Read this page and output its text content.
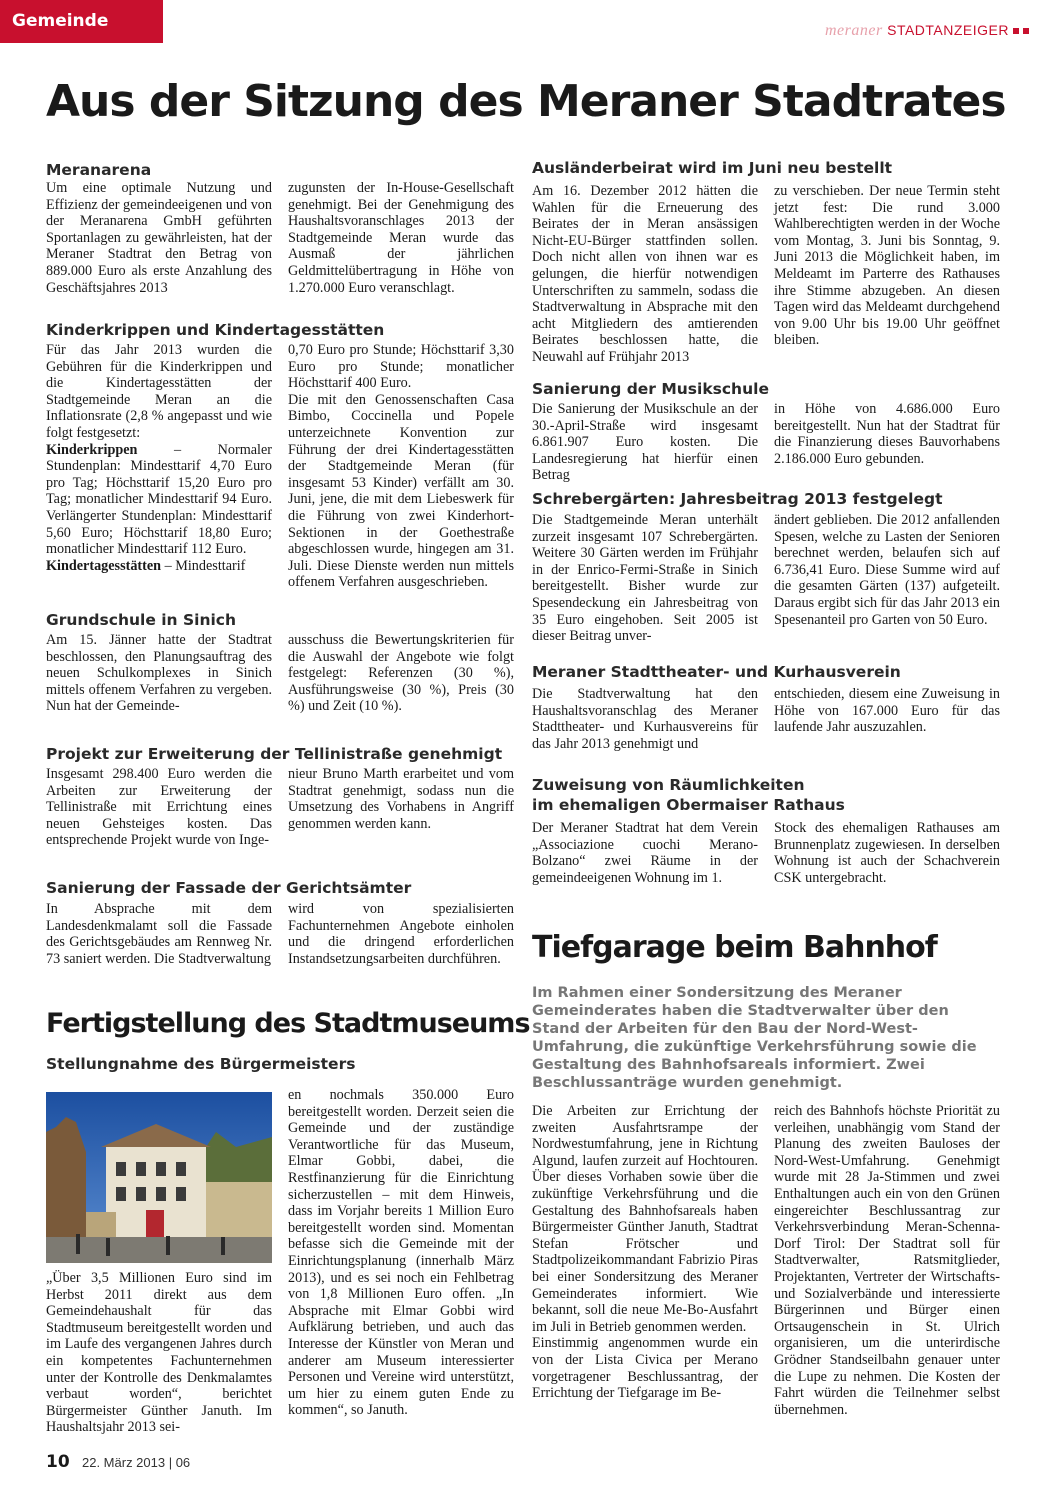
Gemeinde	meraner STADTANZEIGER
Aus der Sitzung des Meraner Stadtrates
Meranarena

Um eine optimale Nutzung und Effizienz der gemeindeeigenen und von der Meranarena GmbH geführten Sportanlagen zu gewährleisten, hat der Meraner Stadtrat den Betrag von 889.000 Euro als erste Anzahlung des Geschäftsjahres 2013

zugunsten der In-House-Gesellschaft genehmigt. Bei der Genehmigung des Haushaltsvoranschlages 2013 der Stadtgemeinde Meran wurde das Ausmaß der jährlichen Geldmittelübertragung in Höhe von 1.270.000 Euro veranschlagt.

Kinderkrippen und Kindertagesstätten

Für das Jahr 2013 wurden die Gebühren für die Kinderkrippen und die Kindertagesstätten der Stadtgemeinde Meran an die Inflationsrate (2,8 % angepasst und wie folgt festgesetzt:
Kinderkrippen – Normaler Stundenplan: Mindesttarif 4,70 Euro pro Tag; Höchsttarif 15,20 Euro pro Tag; monatlicher Mindesttarif 94 Euro. Verlängerter Stundenplan: Mindesttarif 5,60 Euro; Höchsttarif 18,80 Euro; monatlicher Mindesttarif 112 Euro.
Kindertagesstätten – Mindesttarif

0,70 Euro pro Stunde; Höchsttarif 3,30 Euro pro Stunde; monatlicher Höchsttarif 400 Euro.
Die mit den Genossenschaften Casa Bimbo, Coccinella und Popele unterzeichnete Konvention zur Führung der drei Kindertagesstätten der Stadtgemeinde Meran (für insgesamt 53 Kinder) verfällt am 30. Juni, jene, die mit dem Liebeswerk für die Führung von zwei Kinderhort-Sektionen in der Goethestraße abgeschlossen wurde, hingegen am 31. Juli. Diese Dienste werden nun mittels offenem Verfahren ausgeschrieben.

Grundschule in Sinich

Am 15. Jänner hatte der Stadtrat beschlossen, den Planungsauftrag des neuen Schulkomplexes in Sinich mittels offenem Verfahren zu vergeben. Nun hat der Gemeinde-

ausschuss die Bewertungskriterien für die Auswahl der Angebote wie folgt festgelegt: Referenzen (30 %), Ausführungsweise (30 %), Preis (30 %) und Zeit (10 %).

Projekt zur Erweiterung der Tellinistraße genehmigt

Insgesamt 298.400 Euro werden die Arbeiten zur Erweiterung der Tellinistraße mit Errichtung eines neuen Gehsteiges kosten. Das entsprechende Projekt wurde von Inge-

nieur Bruno Marth erarbeitet und vom Stadtrat genehmigt, sodass nun die Umsetzung des Vorhabens in Angriff genommen werden kann.

Sanierung der Fassade der Gerichtsämter

In Absprache mit dem Landesdenkmalamt soll die Fassade des Gerichtsgebäudes am Rennweg Nr. 73 saniert werden. Die Stadtverwaltung

wird von spezialisierten Fachunternehmen Angebote einholen und die dringend erforderlichen Instandsetzungsarbeiten durchführen.

Fertigstellung des Stadtmuseums
Stellungnahme des Bürgermeisters

„Über 3,5 Millionen Euro sind im Herbst 2011 direkt aus dem Gemeindehaushalt für das Stadtmuseum bereitgestellt worden und im Laufe des vergangenen Jahres durch ein kompetentes Fachunternehmen unter der Kontrolle des Denkmalamtes verbaut worden“, berichtet Bürgermeister Günther Januth. Im Haushaltsjahr 2013 sei-

en nochmals 350.000 Euro bereitgestellt worden. Derzeit seien die Gemeinde und der zuständige Verantwortliche für das Museum, Elmar Gobbi, dabei, die Restfinanzierung für die Einrichtung sicherzustellen – mit dem Hinweis, dass im Vorjahr bereits 1 Million Euro bereitgestellt worden sind. Momentan befasse sich die Gemeinde mit der Einrichtungsplanung (innerhalb März 2013), und es sei noch ein Fehlbetrag von 1,8 Millionen Euro offen. „In Absprache mit Elmar Gobbi wird Aufklärung betrieben, und auch das Interesse der Künstler von Meran und anderer am Museum interessierter Personen und Vereine wird unterstützt, um hier zu einem guten Ende zu kommen“, so Januth.

Ausländerbeirat wird im Juni neu bestellt

Am 16. Dezember 2012 hätten die Wahlen für die Erneuerung des Beirates der in Meran ansässigen Nicht-EU-Bürger stattfinden sollen. Doch nicht allen von ihnen war es gelungen, die hierfür notwendigen Unterschriften zu sammeln, sodass die Stadtverwaltung in Absprache mit den acht Mitgliedern des amtierenden Beirates beschlossen hatte, die Neuwahl auf Frühjahr 2013

zu verschieben. Der neue Termin steht jetzt fest: Die rund 3.000 Wahlberechtigten werden in der Woche vom Montag, 3. Juni bis Sonntag, 9. Juni 2013 die Möglichkeit haben, im Meldeamt im Parterre des Rathauses ihre Stimme abzugeben. An diesen Tagen wird das Meldeamt durchgehend von 9.00 Uhr bis 19.00 Uhr geöffnet bleiben.

Sanierung der Musikschule

Die Sanierung der Musikschule an der 30.-April-Straße wird insgesamt 6.861.907 Euro kosten. Die Landesregierung hat hierfür einen Betrag

in Höhe von 4.686.000 Euro bereitgestellt. Nun hat der Stadtrat für die Finanzierung dieses Bauvorhabens 2.186.000 Euro gebunden.

Schrebergärten: Jahresbeitrag 2013 festgelegt

Die Stadtgemeinde Meran unterhält zurzeit insgesamt 107 Schrebergärten. Weitere 30 Gärten werden im Frühjahr in der Enrico-Fermi-Straße in Sinich bereitgestellt. Bisher wurde zur Spesendeckung ein Jahresbeitrag von 35 Euro eingehoben. Seit 2005 ist dieser Beitrag unver-

ändert geblieben. Die 2012 anfallenden Spesen, welche zu Lasten der Senioren berechnet werden, belaufen sich auf 6.736,41 Euro. Diese Summe wird auf die gesamten Gärten (137) aufgeteilt. Daraus ergibt sich für das Jahr 2013 ein Spesenanteil pro Garten von 50 Euro.

Meraner Stadttheater- und Kurhausverein

Die Stadtverwaltung hat den Haushaltsvoranschlag des Meraner Stadttheater- und Kurhausvereins für das Jahr 2013 genehmigt und

entschieden, diesem eine Zuweisung in Höhe von 167.000 Euro für das laufende Jahr auszuzahlen.

Zuweisung von Räumlichkeiten
im ehemaligen Obermaiser Rathaus

Der Meraner Stadtrat hat dem Verein „Associazione cuochi Merano-Bolzano“ zwei Räume in der gemeindeeigenen Wohnung im 1.

Stock des ehemaligen Rathauses am Brunnenplatz zugewiesen. In derselben Wohnung ist auch der Schachverein CSK untergebracht.

Tiefgarage beim Bahnhof

Im Rahmen einer Sondersitzung des Meraner Gemeinderates haben die Stadtverwalter über den Stand der Arbeiten für den Bau der Nord-West-Umfahrung, die zukünftige Verkehrsführung sowie die Gestaltung des Bahnhofsareals informiert. Zwei Beschlussanträge wurden genehmigt.

Die Arbeiten zur Errichtung der zweiten Ausfahrtsrampe der Nordwestumfahrung, jene in Richtung Algund, laufen zurzeit auf Hochtouren. Über dieses Vorhaben sowie über die zukünftige Verkehrsführung und die Gestaltung des Bahnhofsareals haben Bürgermeister Günther Januth, Stadtrat Stefan Frötscher und Stadtpolizeikommandant Fabrizio Piras bei einer Sondersitzung des Meraner Gemeinderates informiert. Wie bekannt, soll die neue Me-Bo-Ausfahrt im Juli in Betrieb genommen werden.
Einstimmig angenommen wurde ein von der Lista Civica per Merano vorgetragener Beschlussantrag, der Errichtung der Tiefgarage im Be-

reich des Bahnhofs höchste Priorität zu verleihen, unabhängig vom Stand der Planung des zweiten Bauloses der Nord-West-Umfahrung. Genehmigt wurde mit 28 Ja-Stimmen und zwei Enthaltungen auch ein von den Grünen eingereichter Beschlussantrag zur Verkehrsverbindung Meran-Schenna-Dorf Tirol: Der Stadtrat soll für Stadtverwalter, Ratsmitglieder, Projektanten, Vertreter der Wirtschafts- und Sozialverbände und interessierte Bürgerinnen und Bürger einen Ortsaugenschein in St. Ulrich organisieren, um die unterirdische Grödner Standseilbahn genauer unter die Lupe zu nehmen. Die Kosten der Fahrt würden die Teilnehmer selbst übernehmen.

10 22. März 2013 | 06
